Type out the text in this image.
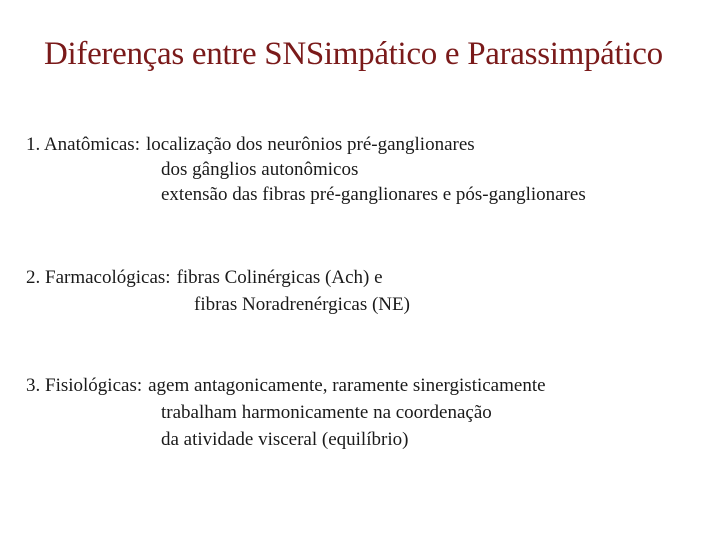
Diferenças entre SNSimpático e Parassimpático
1. Anatômicas: localização dos neurônios pré-ganglionares
dos gânglios autonômicos
extensão das fibras pré-ganglionares e pós-ganglionares
2. Farmacológicas: fibras Colinérgicas (Ach) e
fibras Noradrenérgicas (NE)
3. Fisiológicas: agem antagonicamente, raramente sinergisticamente
trabalham harmonicamente na coordenação
da atividade visceral (equilíbrio)
